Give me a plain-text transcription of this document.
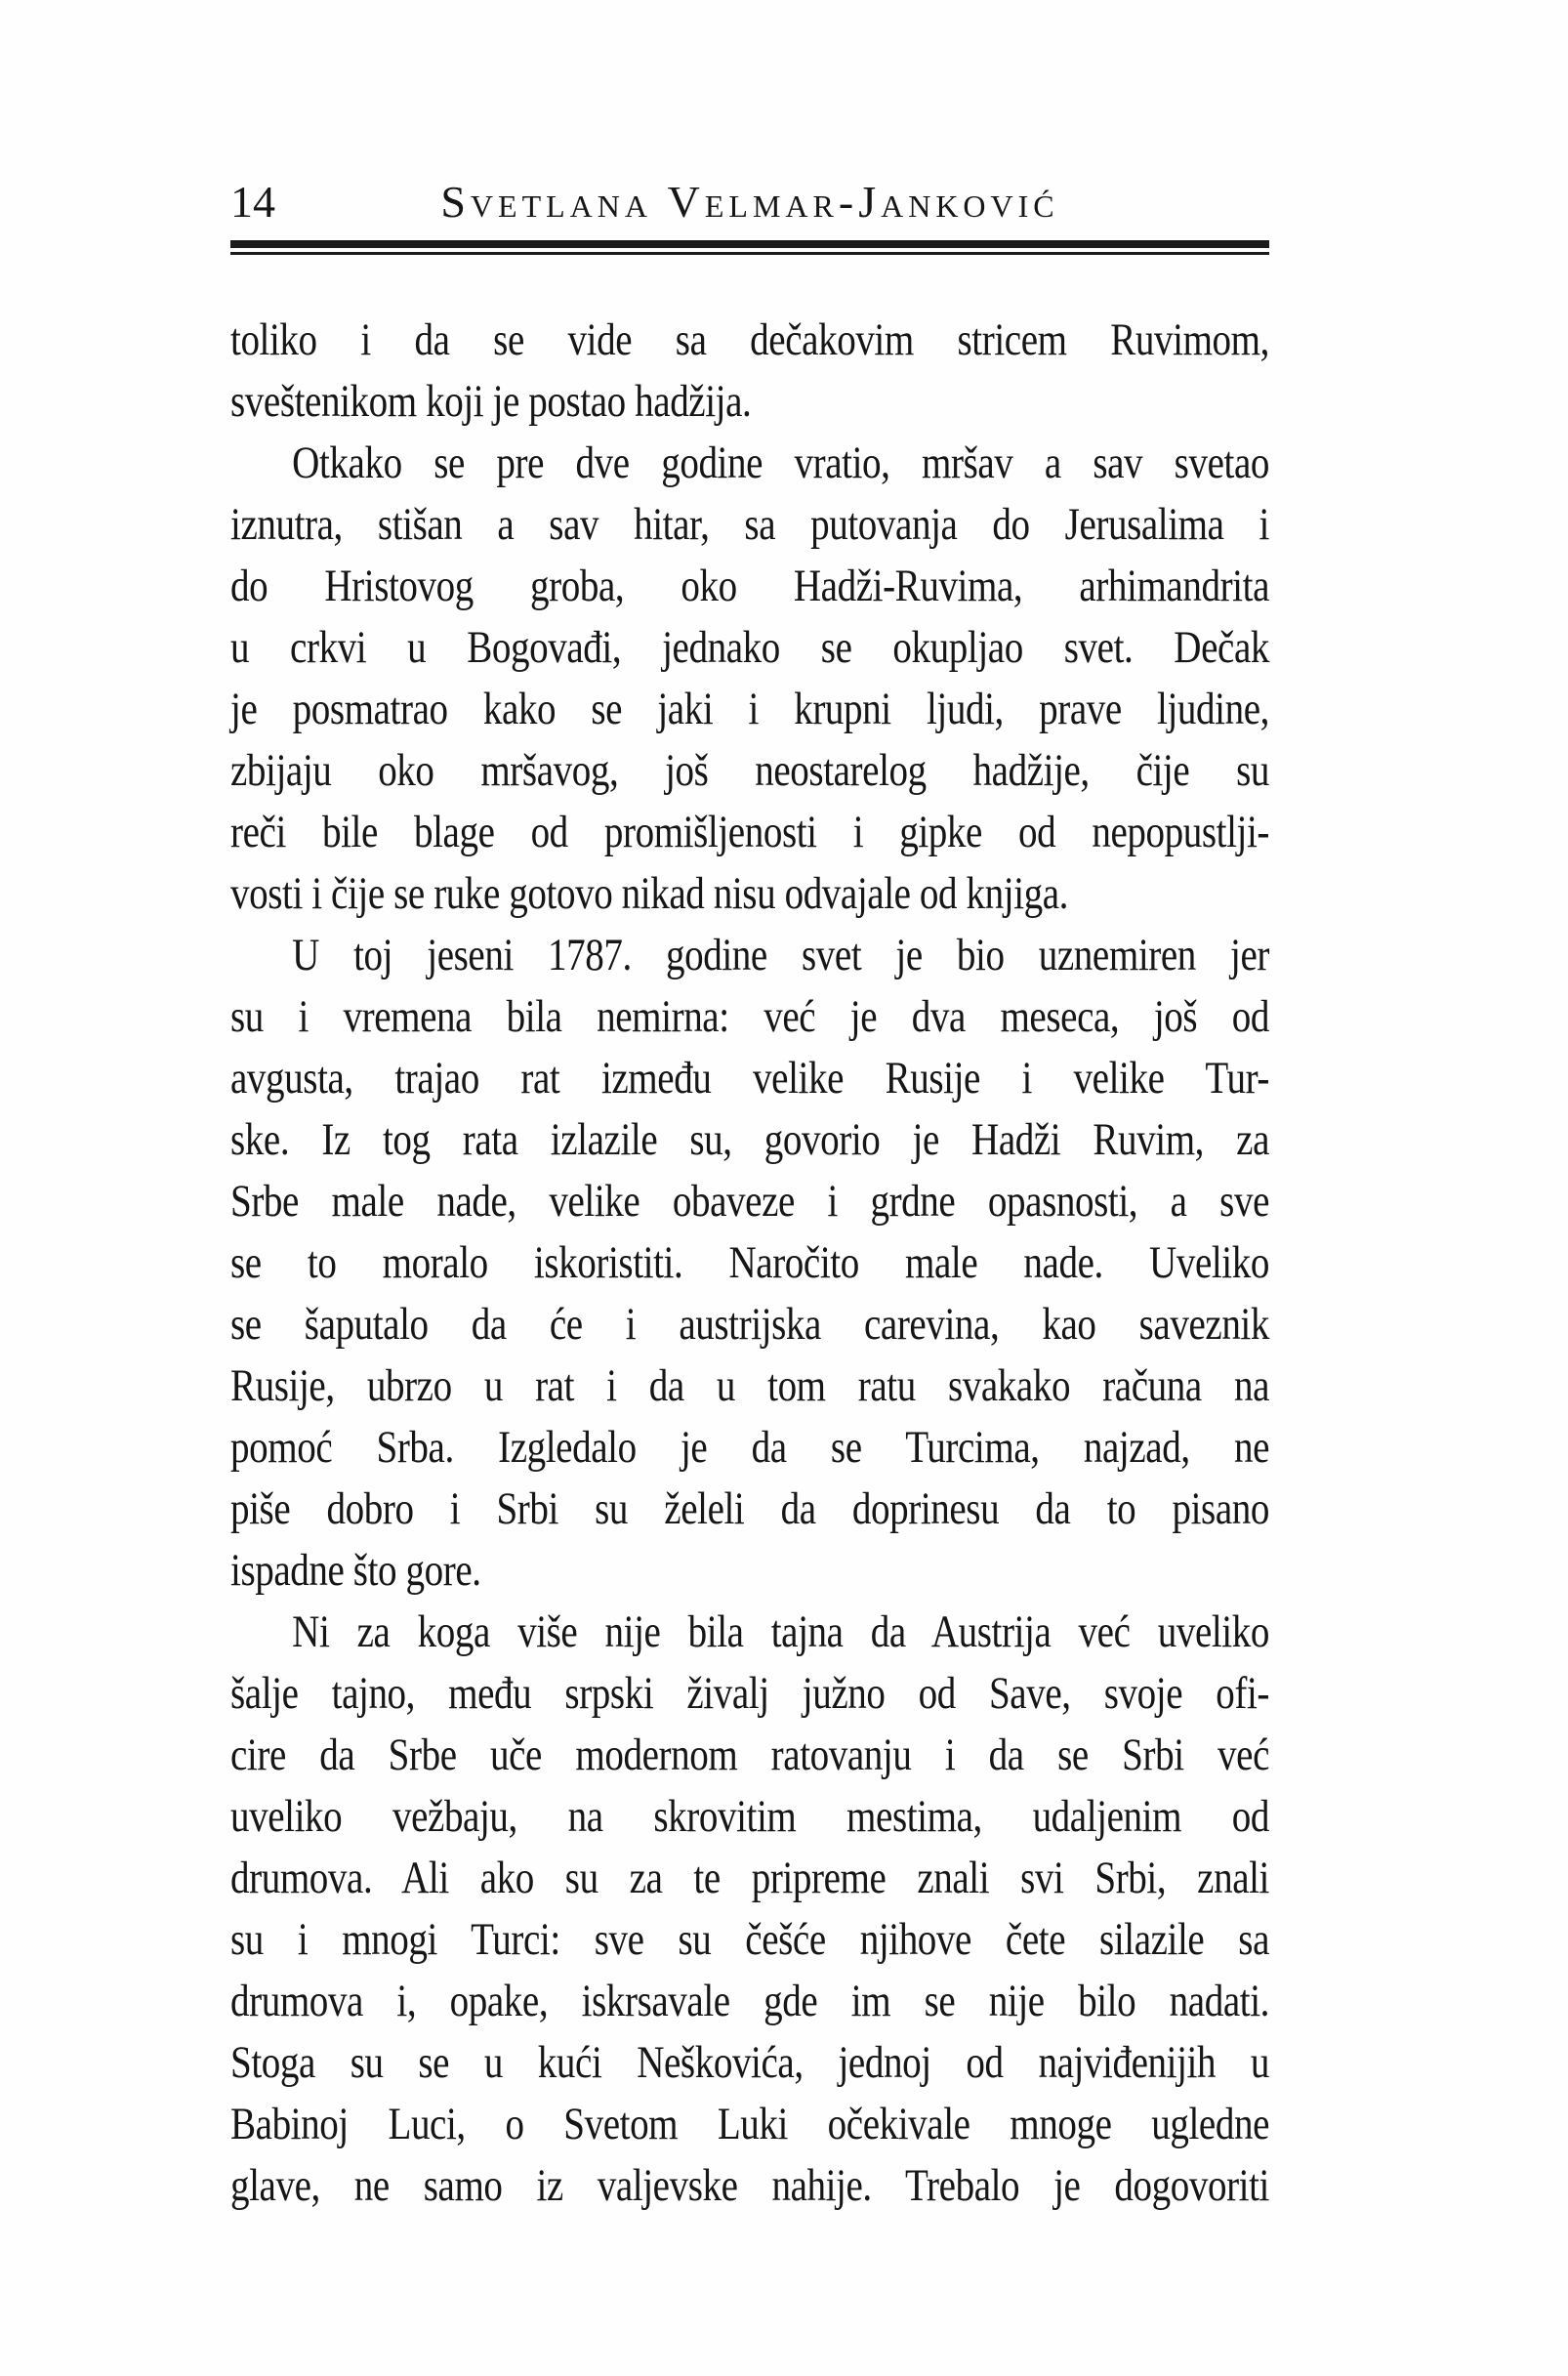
14	Svetlana Velmar-Janković
toliko i da se vide sa dečakovim stricem Ruvimom,
sveštenikom koji je postao hadžija.
Otkako se pre dve godine vratio, mršav a sav svetao
iznutra, stišan a sav hitar, sa putovanja do Jerusalima i
do Hristovog groba, oko Hadži-Ruvima, arhimandrita
u crkvi u Bogovađi, jednako se okupljao svet. Dečak
je posmatrao kako se jaki i krupni ljudi, prave ljudine,
zbijaju oko mršavog, još neostarelog hadžije, čije su
reči bile blage od promišljenosti i gipke od nepopustlji-
vosti i čije se ruke gotovo nikad nisu odvajale od knjiga.
U toj jeseni 1787. godine svet je bio uznemiren jer
su i vremena bila nemirna: već je dva meseca, još od
avgusta, trajao rat između velike Rusije i velike Tur-
ske. Iz tog rata izlazile su, govorio je Hadži Ruvim, za
Srbe male nade, velike obaveze i grdne opasnosti, a sve
se to moralo iskoristiti. Naročito male nade. Uveliko
se šaputalo da će i austrijska carevina, kao saveznik
Rusije, ubrzo u rat i da u tom ratu svakako računa na
pomoć Srba. Izgledalo je da se Turcima, najzad, ne
piše dobro i Srbi su želeli da doprinesu da to pisano
ispadne što gore.
Ni za koga više nije bila tajna da Austrija već uveliko
šalje tajno, među srpski živalj južno od Save, svoje ofi-
cire da Srbe uče modernom ratovanju i da se Srbi već
uveliko vežbaju, na skrovitim mestima, udaljenim od
drumova. Ali ako su za te pripreme znali svi Srbi, znali
su i mnogi Turci: sve su češće njihove čete silazile sa
drumova i, opake, iskrsavale gde im se nije bilo nadati.
Stoga su se u kući Neškovića, jednoj od najviđenijih u
Babinoj Luci, o Svetom Luki očekivale mnoge ugledne
glave, ne samo iz valjevske nahije. Trebalo je dogovoriti
